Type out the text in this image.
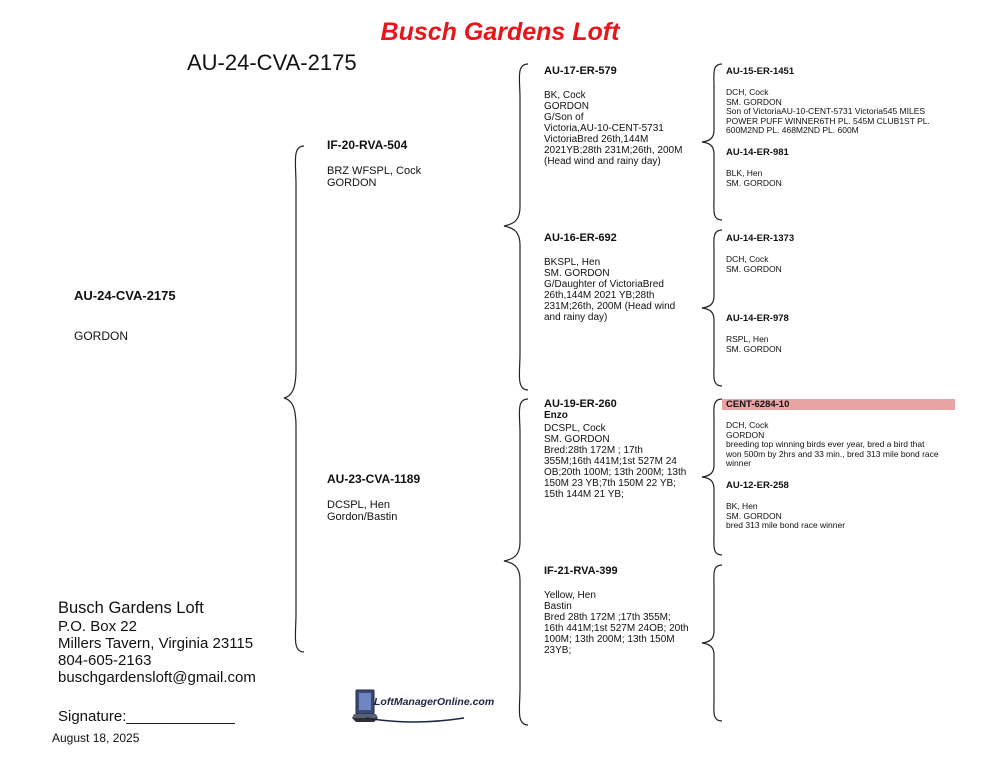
Busch Gardens Loft
AU-24-CVA-2175
AU-24-CVA-2175
GORDON
IF-20-RVA-504
BRZ WFSPL, Cock
GORDON
AU-23-CVA-1189
DCSPL, Hen
Gordon/Bastin
AU-17-ER-579
BK, Cock
GORDON
G/Son of
Victoria,AU-10-CENT-5731
VictoriaBred 26th,144M
2021YB;28th 231M;26th, 200M
(Head wind and rainy day)
AU-16-ER-692
BKSPL, Hen
SM. GORDON
G/Daughter of VictoriaBred
26th,144M 2021 YB;28th
231M;26th, 200M (Head wind
and rainy day)
AU-19-ER-260
Enzo
DCSPL, Cock
SM. GORDON
Bred:28th 172M ; 17th
355M;16th 441M;1st 527M 24
OB;20th 100M; 13th 200M; 13th
150M 23 YB;7th 150M 22 YB;
15th 144M 21 YB;
IF-21-RVA-399
Yellow, Hen
Bastin
Bred 28th 172M ;17th 355M;
16th 441M;1st 527M 24OB; 20th
100M; 13th 200M; 13th 150M
23YB;
AU-15-ER-1451
DCH, Cock
SM. GORDON
Son of VictoriaAU-10-CENT-5731 Victoria545 MILES
POWER PUFF WINNER6TH PL. 545M CLUB1ST PL.
600M2ND PL. 468M2ND PL. 600M
AU-14-ER-981
BLK, Hen
SM. GORDON
AU-14-ER-1373
DCH, Cock
SM. GORDON
AU-14-ER-978
RSPL, Hen
SM. GORDON
CENT-6284-10
DCH, Cock
GORDON
breeding top winning birds ever year, bred a bird that
won 500m by 2hrs and 33 min., bred 313 mile bond race
winner
AU-12-ER-258
BK, Hen
SM. GORDON
bred 313 mile bond race winner
Busch Gardens Loft
P.O. Box 22
Millers Tavern, Virginia 23115
804-605-2163
buschgardensloft@gmail.com
Signature:_____________
August 18, 2025
LoftManagerOnline.com
